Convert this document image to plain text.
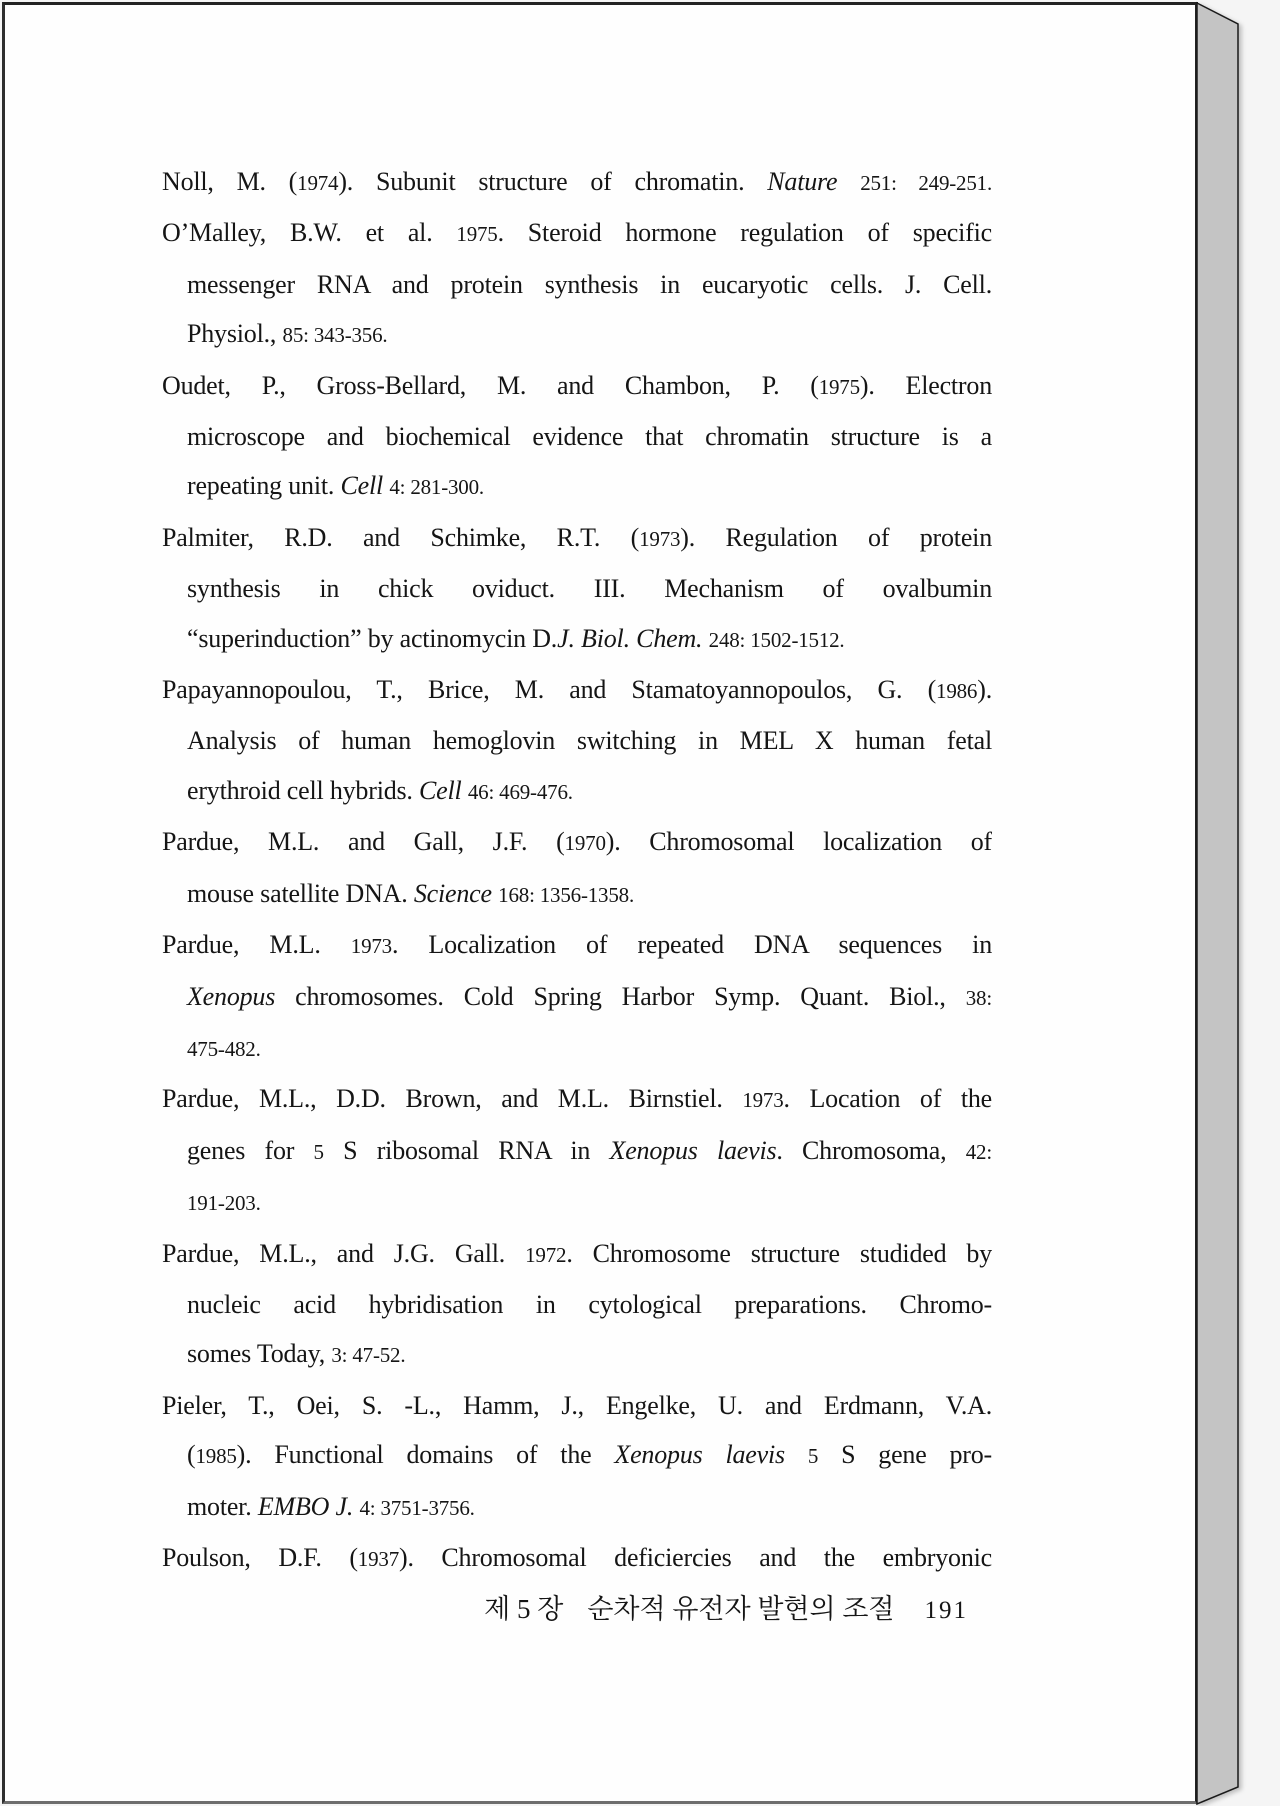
Noll, M. (1974). Subunit structure of chromatin. Nature 251: 249-251.
O’Malley, B.W. et al. 1975. Steroid hormone regulation of specific
messenger RNA and protein synthesis in eucaryotic cells. J. Cell.
Physiol., 85: 343-356.
Oudet, P., Gross-Bellard, M. and Chambon, P. (1975). Electron
microscope and biochemical evidence that chromatin structure is a
repeating unit. Cell 4: 281-300.
Palmiter, R.D. and Schimke, R.T. (1973). Regulation of protein
synthesis in chick oviduct. III. Mechanism of ovalbumin
“superinduction” by actinomycin D.J. Biol. Chem. 248: 1502-1512.
Papayannopoulou, T., Brice, M. and Stamatoyannopoulos, G. (1986).
Analysis of human hemoglovin switching in MEL X human fetal
erythroid cell hybrids. Cell 46: 469-476.
Pardue, M.L. and Gall, J.F. (1970). Chromosomal localization of
mouse satellite DNA. Science 168: 1356-1358.
Pardue, M.L. 1973. Localization of repeated DNA sequences in
Xenopus chromosomes. Cold Spring Harbor Symp. Quant. Biol., 38:
475-482.
Pardue, M.L., D.D. Brown, and M.L. Birnstiel. 1973. Location of the
genes for 5 S ribosomal RNA in Xenopus laevis. Chromosoma, 42:
191-203.
Pardue, M.L., and J.G. Gall. 1972. Chromosome structure studided by
nucleic acid hybridisation in cytological preparations. Chromo-
somes Today, 3: 47-52.
Pieler, T., Oei, S. -L., Hamm, J., Engelke, U. and Erdmann, V.A.
(1985). Functional domains of the Xenopus laevis 5 S gene pro-
moter. EMBO J. 4: 3751-3756.
Poulson, D.F. (1937). Chromosomal deficiercies and the embryonic
제 5 장 순차적 유전자 발현의 조절 191
